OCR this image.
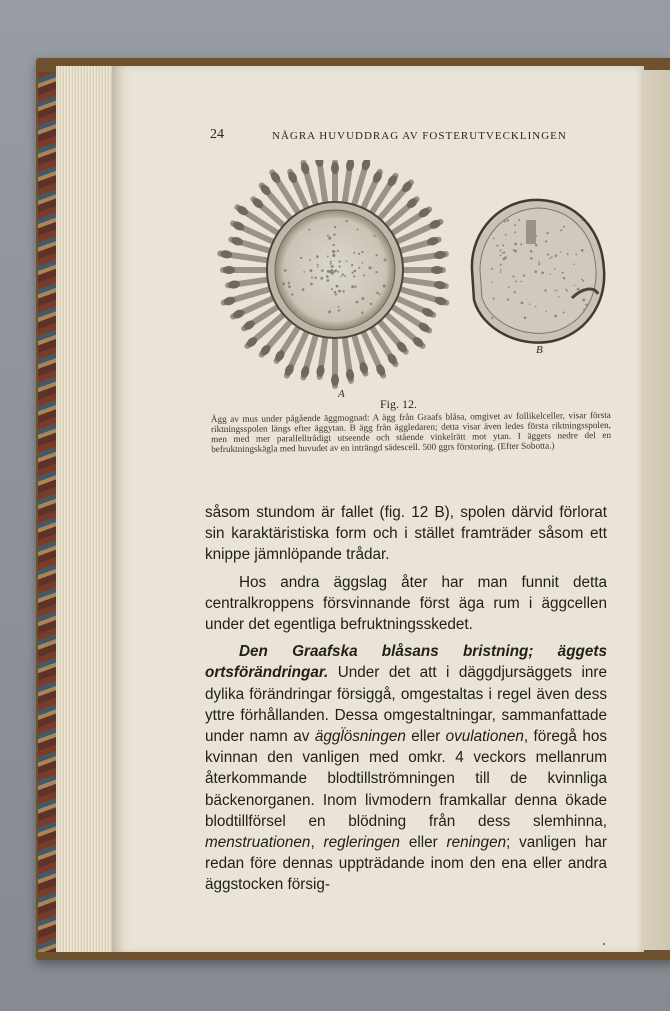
24	NÅGRA HUVUDDRAG AV FOSTERUTVECKLINGEN
A
B
Fig. 12.
Ägg av mus under pågående äggmognad: A ägg från Graafs blåsa, omgivet av follikelceller, visar första riktningsspolen längs efter äggytan. B ägg från äggledaren; detta visar även ledes första riktningsspolen, men med mer parallelltrådigt utseende och stående vinkelrätt mot ytan. I äggets nedre del en befruktningskägla med huvudet av en inträngd sädescell. 500 ggrs förstoring. (Efter Sobotta.)

såsom stundom är fallet (fig. 12 B), spolen därvid förlorat sin karaktäristiska form och i stället framträder såsom ett knippe jämnlöpande trådar.

Hos andra äggslag åter har man funnit detta centralkroppens försvinnande först äga rum i äggcellen under det egentliga befruktningsskedet.

Den Graafska blåsans bristning; äggets ortsförändringar. Under det att i däggdjursäggets inre dylika förändringar försiggå, omgestaltas i regel även dess yttre förhållanden. Dessa omgestaltningar, sammanfattade under namn av äggl̈ösningen eller ovulationen, föregå hos kvinnan den vanligen med omkr. 4 veckors mellanrum återkommande blodtillströmningen till de kvinnliga bäckenorganen. Inom livmodern framkallar denna ökade blodtillförsel en blödning från dess slemhinna, menstruationen, regleringen eller reningen; vanligen har redan före dennas uppträdande inom den ena eller andra äggstocken försig-
